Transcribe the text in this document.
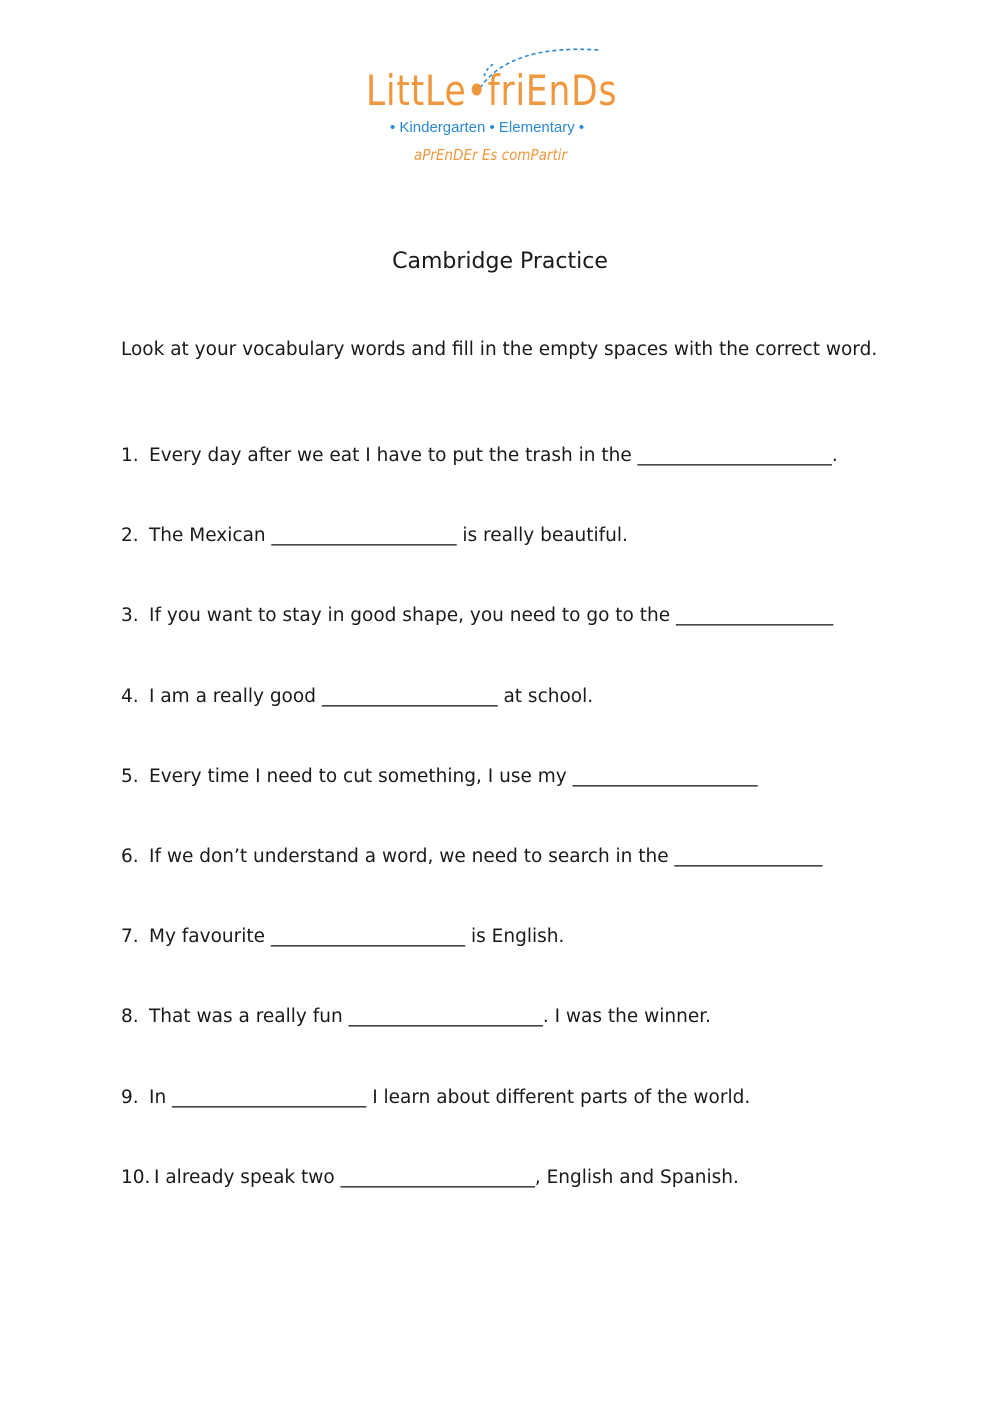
LittLe•friEnDs
• Kindergarten • Elementary •
aPrEnDEr Es comPartir
Cambridge Practice
Look at your vocabulary words and fill in the empty spaces with the correct word.
1. Every day after we eat I have to put the trash in the _____________________.
2. The Mexican ____________________ is really beautiful.
3. If you want to stay in good shape, you need to go to the _________________
4. I am a really good ___________________ at school.
5. Every time I need to cut something, I use my ____________________
6. If we don’t understand a word, we need to search in the ________________
7. My favourite _____________________ is English.
8. That was a really fun _____________________. I was the winner.
9. In _____________________ I learn about different parts of the world.
10. I already speak two _____________________, English and Spanish.
